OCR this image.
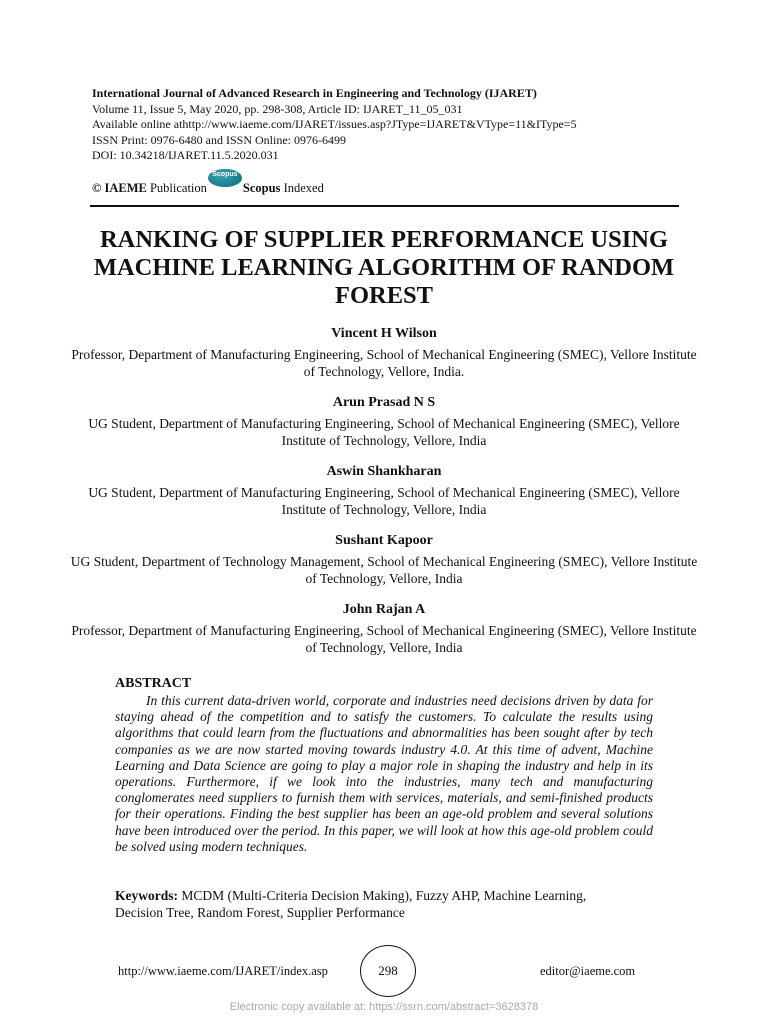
International Journal of Advanced Research in Engineering and Technology (IJARET)
Volume 11, Issue 5, May 2020, pp. 298-308, Article ID: IJARET_11_05_031
Available online athttp://www.iaeme.com/IJARET/issues.asp?JType=IJARET&VType=11&IType=5
ISSN Print: 0976-6480 and ISSN Online: 0976-6499
DOI: 10.34218/IJARET.11.5.2020.031
© IAEME
Publication
Scopus
Scopus
Indexed
RANKING OF SUPPLIER PERFORMANCE USING MACHINE LEARNING ALGORITHM OF RANDOM FOREST
Vincent H Wilson
Professor, Department of Manufacturing Engineering, School of Mechanical Engineering (SMEC), Vellore Institute of Technology, Vellore, India.
Arun Prasad N S
UG Student, Department of Manufacturing Engineering, School of Mechanical Engineering (SMEC), Vellore Institute of Technology, Vellore, India
Aswin Shankharan
UG Student, Department of Manufacturing Engineering, School of Mechanical Engineering (SMEC), Vellore Institute of Technology, Vellore, India
Sushant Kapoor
UG Student, Department of Technology Management, School of Mechanical Engineering (SMEC), Vellore Institute of Technology, Vellore, India
John Rajan A
Professor, Department of Manufacturing Engineering, School of Mechanical Engineering (SMEC), Vellore Institute of Technology, Vellore, India
ABSTRACT
In this current data-driven world, corporate and industries need decisions driven by data for staying ahead of the competition and to satisfy the customers. To calculate the results using algorithms that could learn from the fluctuations and abnormalities has been sought after by tech companies as we are now started moving towards industry 4.0. At this time of advent, Machine Learning and Data Science are going to play a major role in shaping the industry and help in its operations. Furthermore, if we look into the industries, many tech and manufacturing conglomerates need suppliers to furnish them with services, materials, and semi-finished products for their operations. Finding the best supplier has been an age-old problem and several solutions have been introduced over the period. In this paper, we will look at how this age-old problem could be solved using modern techniques.
Keywords: MCDM (Multi-Criteria Decision Making), Fuzzy AHP, Machine Learning, Decision Tree, Random Forest, Supplier Performance
http://www.iaeme.com/IJARET/index.asp	298	editor@iaeme.com
Electronic copy available at: https://ssrn.com/abstract=3628378
